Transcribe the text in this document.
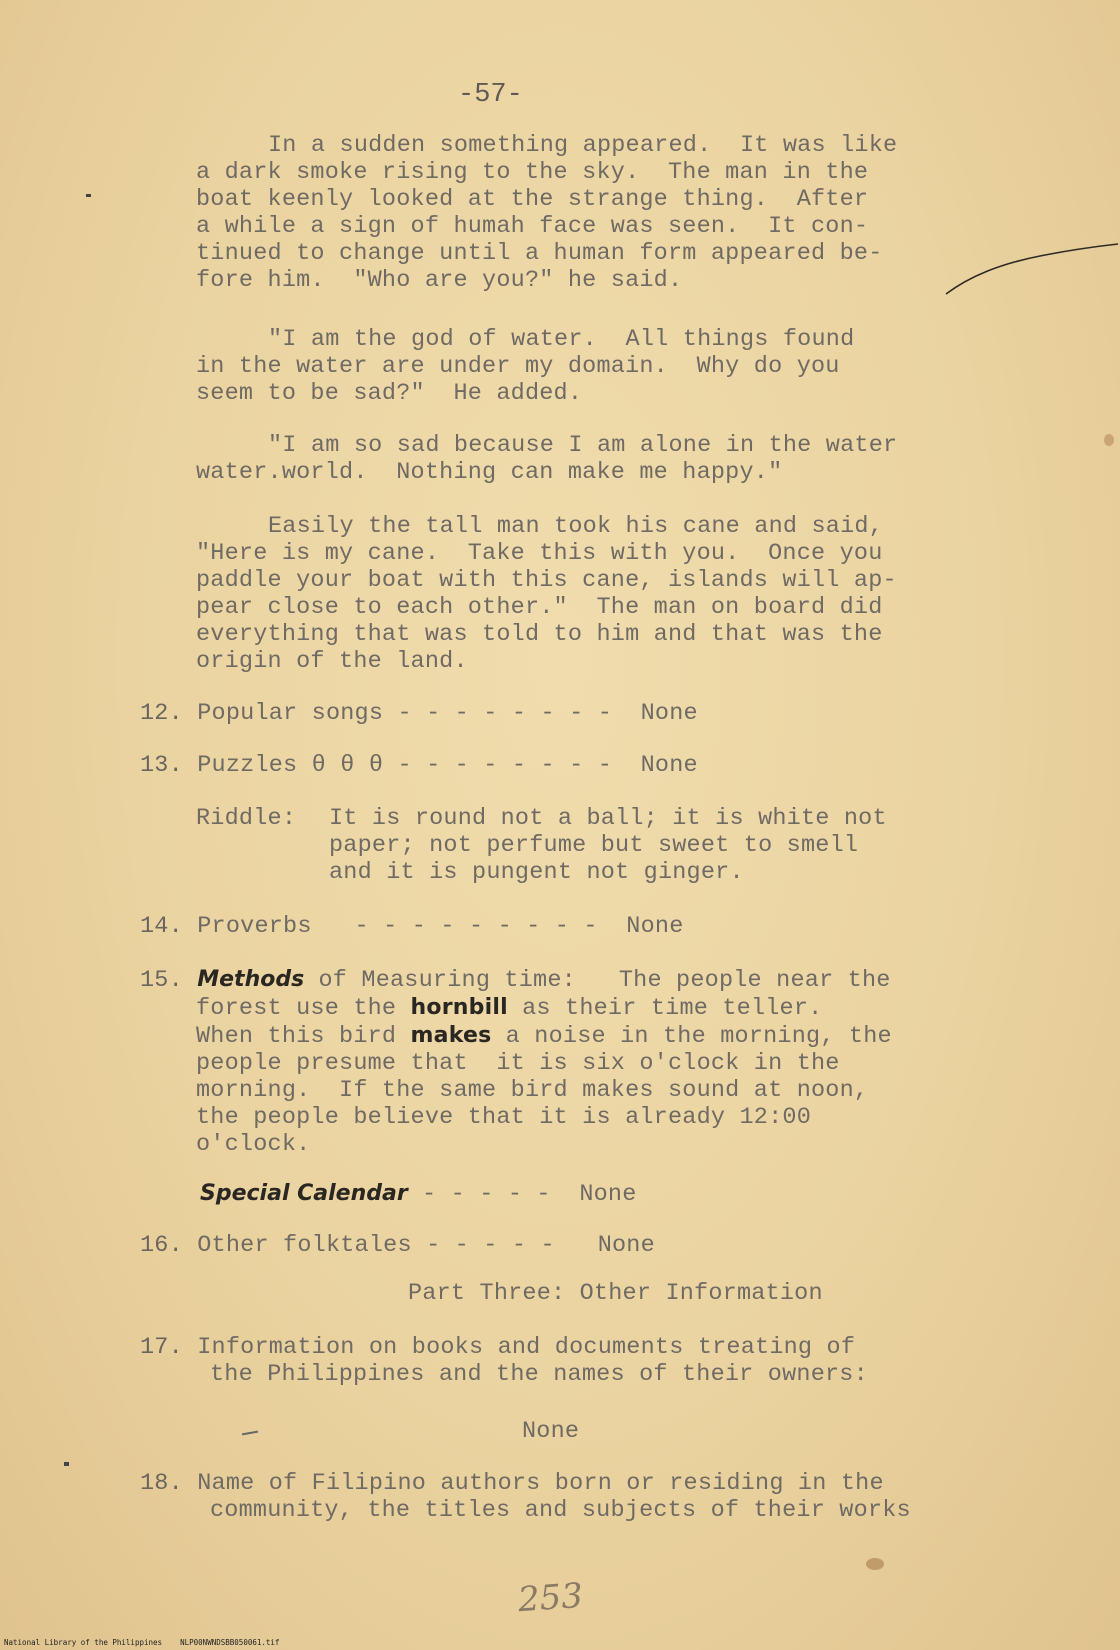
-57-
In a sudden something appeared.  It was like
a dark smoke rising to the sky.  The man in the
boat keenly looked at the strange thing.  After
a while a sign of humah face was seen.  It con-
tinued to change until a human form appeared be-
fore him.  "Who are you?" he said.
"I am the god of water.  All things found
in the water are under my domain.  Why do you
seem to be sad?"  He added.
"I am so sad because I am alone in the water
water.world.  Nothing can make me happy."
Easily the tall man took his cane and said,
"Here is my cane.  Take this with you.  Once you
paddle your boat with this cane, islands will ap-
pear close to each other."  The man on board did
everything that was told to him and that was the
origin of the land.
12. Popular songs - - - - - - - -  None
13. Puzzles θ θ θ - - - - - - - -  None
Riddle: It is round not a ball; it is white not
paper; not perfume but sweet to smell
and it is pungent not ginger.
14. Proverbs   - - - - - - - - -  None
15. Methods of Measuring time:   The people near the
forest use the hornbill as their time teller.
When this bird makes a noise in the morning, the
people presume that  it is six o'clock in the
morning.  If the same bird makes sound at noon,
the people believe that it is already 12:00
o'clock.
Special Calendar - - - - -  None
16. Other folktales - - - - -   None
Part Three: Other Information
17. Information on books and documents treating of
the Philippines and the names of their owners:
None
18. Name of Filipino authors born or residing in the
community, the titles and subjects of their works
253
National Library of the Philippines    NLP00NWNDSBB050061.tif
